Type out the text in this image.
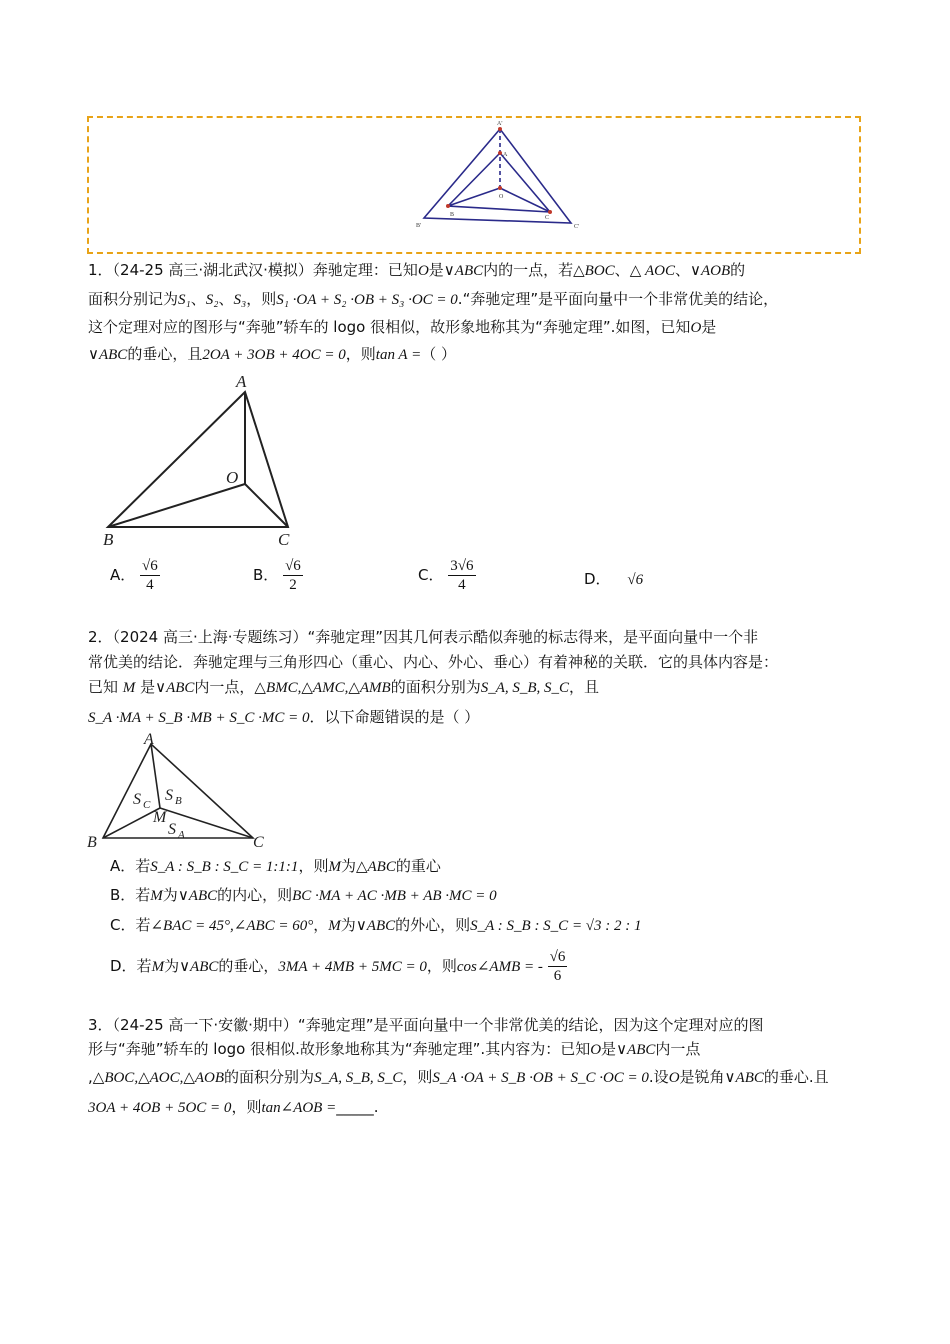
A'
A
O
B	C
B'	C'
1．（24-25 高三·湖北武汉·模拟）奔驰定理：已知O是∨ABC内的一点，若△BOC、△ AOC、∨AOB的
面积分别记为S₁、S₂、S₃，则S₁ ·OA + S₂ ·OB + S₃ ·OC = 0.“奔驰定理”是平面向量中一个非常优美的结论，
这个定理对应的图形与“奔驰”轿车的 logo 很相似，故形象地称其为“奔驰定理”.如图，已知O是
∨ABC的垂心，且2OA + 3OB + 4OC = 0，则tan A =（ ）
A
O
B	C
A． $\frac{√6}{4}$	B． $\frac{√6}{2}$	C． $\frac{3√6}{4}$	D． √6
2．（2024 高三·上海·专题练习）“奔驰定理”因其几何表示酷似奔驰的标志得来，是平面向量中一个非
常优美的结论．奔驰定理与三角形四心（重心、内心、外心、垂心）有着神秘的关联．它的具体内容是：
已知 M 是∨ABC内一点，△BMC,△AMC,△AMB的面积分别为S_A, S_B, S_C，且
S_A ·MA + S_B ·MB + S_C ·MC = 0．以下命题错误的是（ ）
A
B	C
M
S C
S B
S A
A．若S_A : S_B : S_C = 1:1:1，则M为△ABC的重心
B．若M为∨ABC的内心，则BC ·MA + AC ·MB + AB ·MC = 0
C．若∠BAC = 45°,∠ABC = 60°，M为∨ABC的外心，则S_A : S_B : S_C = √3 : 2 : 1
D．若M为∨ABC的垂心，3MA + 4MB + 5MC = 0，则cos∠AMB = - $\frac{√6}{6}$
3．（24-25 高一下·安徽·期中）“奔驰定理”是平面向量中一个非常优美的结论，因为这个定理对应的图
形与“奔驰”轿车的 logo 很相似.故形象地称其为“奔驰定理”.其内容为：已知O是∨ABC内一点
,△BOC,△AOC,△AOB的面积分别为S_A, S_B, S_C，则S_A ·OA + S_B ·OB + S_C ·OC = 0.设O是锐角∨ABC的垂心.且
3OA + 4OB + 5OC = 0，则tan∠AOB =_____.
